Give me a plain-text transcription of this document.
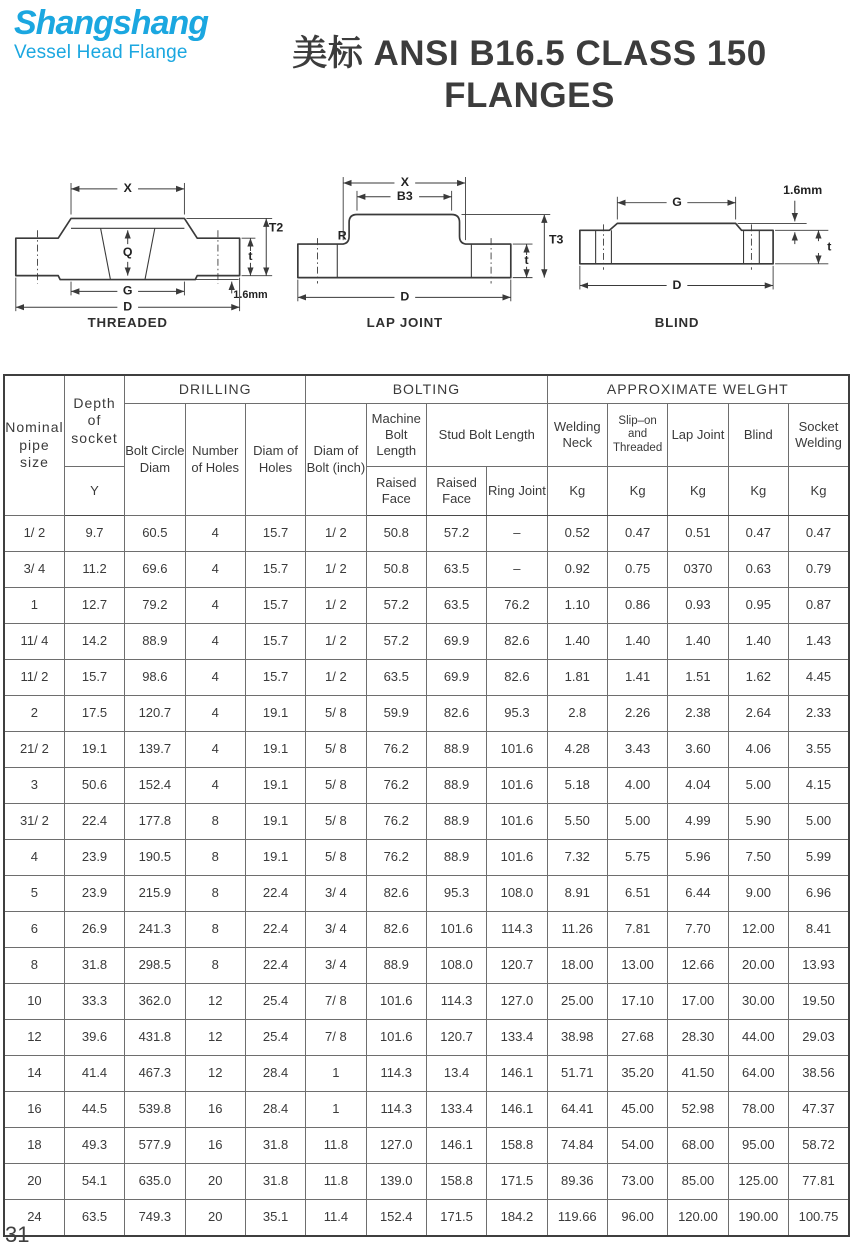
Shangshang
Vessel Head Flange	美标 ANSI B16.5 CLASS 150 FLANGES
X
Q
G
D
t
T2
1.6mm
THREADED
R
X
B3
D
t
T3
LAP JOINT
G
1.6mm
t
D
BLIND
Nominal pipe size	Depth of socket	DRILLING			BOLTING				APPROXIMATE WELGHT				
		Bolt Circle Diam	Number of Holes	Diam of Holes	Diam of Bolt (inch)	Machine Bolt Length	Stud Bolt Length		Welding Neck	Slip–on and Threaded	Lap Joint	Blind	Socket Welding
	Y					Raised Face	Raised Face	Ring Joint	Kg	Kg	Kg	Kg	Kg
1/ 2	9.7	60.5	4	15.7	1/ 2	50.8	57.2	–	0.52	0.47	0.51	0.47	0.47
3/ 4	11.2	69.6	4	15.7	1/ 2	50.8	63.5	–	0.92	0.75	0370	0.63	0.79
1	12.7	79.2	4	15.7	1/ 2	57.2	63.5	76.2	1.10	0.86	0.93	0.95	0.87
11/ 4	14.2	88.9	4	15.7	1/ 2	57.2	69.9	82.6	1.40	1.40	1.40	1.40	1.43
11/ 2	15.7	98.6	4	15.7	1/ 2	63.5	69.9	82.6	1.81	1.41	1.51	1.62	4.45
2	17.5	120.7	4	19.1	5/ 8	59.9	82.6	95.3	2.8	2.26	2.38	2.64	2.33
21/ 2	19.1	139.7	4	19.1	5/ 8	76.2	88.9	101.6	4.28	3.43	3.60	4.06	3.55
3	50.6	152.4	4	19.1	5/ 8	76.2	88.9	101.6	5.18	4.00	4.04	5.00	4.15
31/ 2	22.4	177.8	8	19.1	5/ 8	76.2	88.9	101.6	5.50	5.00	4.99	5.90	5.00
4	23.9	190.5	8	19.1	5/ 8	76.2	88.9	101.6	7.32	5.75	5.96	7.50	5.99
5	23.9	215.9	8	22.4	3/ 4	82.6	95.3	108.0	8.91	6.51	6.44	9.00	6.96
6	26.9	241.3	8	22.4	3/ 4	82.6	101.6	114.3	11.26	7.81	7.70	12.00	8.41
8	31.8	298.5	8	22.4	3/ 4	88.9	108.0	120.7	18.00	13.00	12.66	20.00	13.93
10	33.3	362.0	12	25.4	7/ 8	101.6	114.3	127.0	25.00	17.10	17.00	30.00	19.50
12	39.6	431.8	12	25.4	7/ 8	101.6	120.7	133.4	38.98	27.68	28.30	44.00	29.03
14	41.4	467.3	12	28.4	1	114.3	13.4	146.1	51.71	35.20	41.50	64.00	38.56
16	44.5	539.8	16	28.4	1	114.3	133.4	146.1	64.41	45.00	52.98	78.00	47.37
18	49.3	577.9	16	31.8	11.8	127.0	146.1	158.8	74.84	54.00	68.00	95.00	58.72
20	54.1	635.0	20	31.8	11.8	139.0	158.8	171.5	89.36	73.00	85.00	125.00	77.81
24	63.5	749.3	20	35.1	11.4	152.4	171.5	184.2	119.66	96.00	120.00	190.00	100.75
31
